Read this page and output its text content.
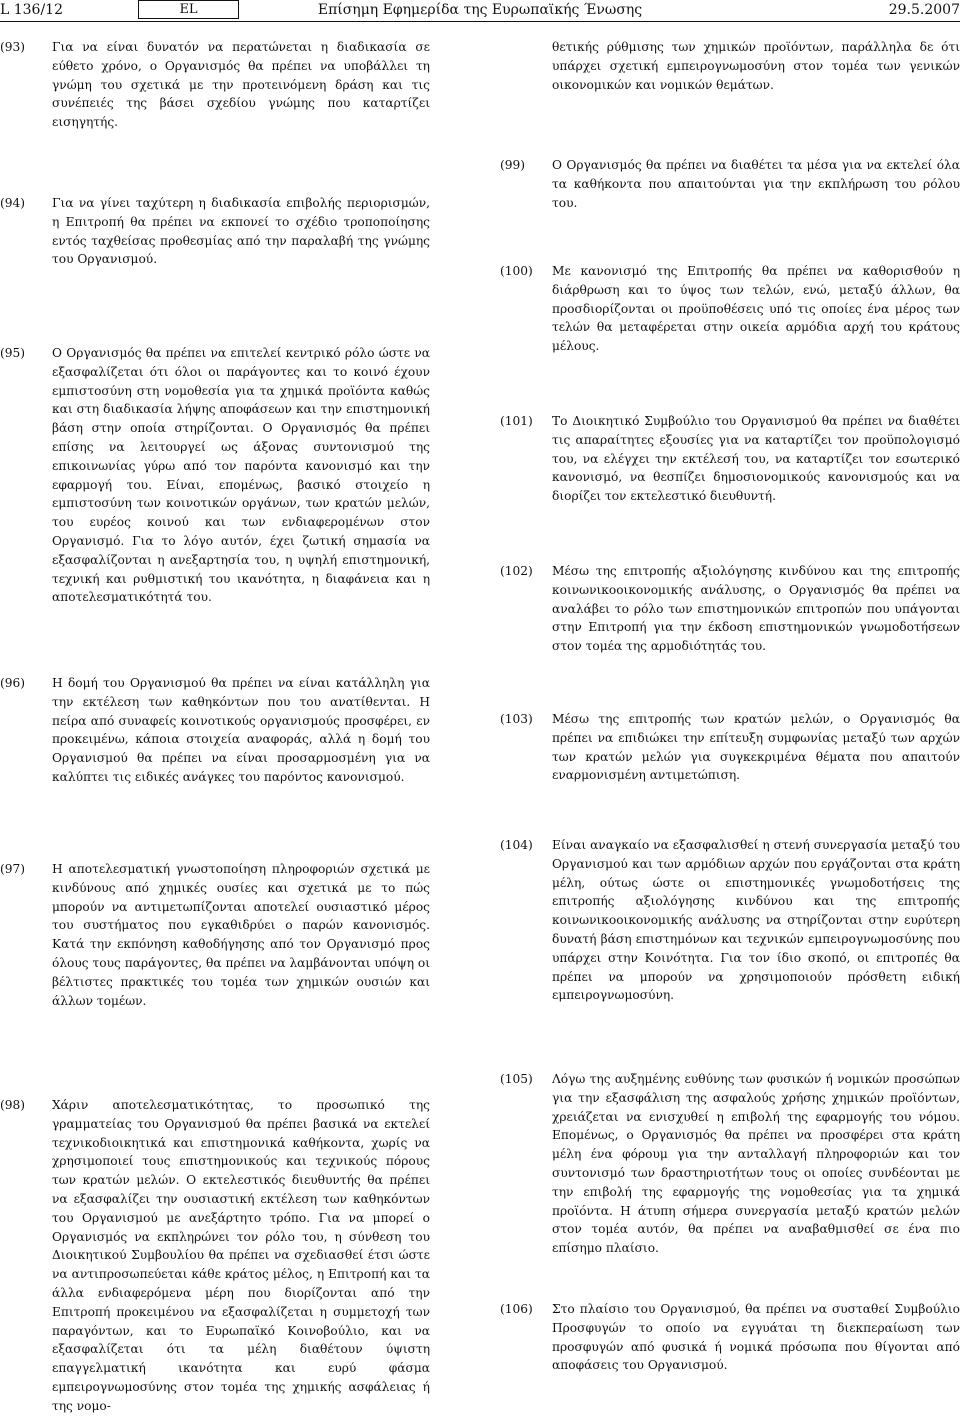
L 136/12	EL	Επίσημη Εφημερίδα της Ευρωπαϊκής Ένωσης	29.5.2007
(93) Για να είναι δυνατόν να περατώνεται η διαδικασία σε εύθετο χρόνο, ο Οργανισμός θα πρέπει να υποβάλλει τη γνώμη του σχετικά με την προτεινόμενη δράση και τις συνέπειές της βάσει σχεδίου γνώμης που καταρτίζει εισηγητής.
(94) Για να γίνει ταχύτερη η διαδικασία επιβολής περιορισμών, η Επιτροπή θα πρέπει να εκπονεί το σχέδιο τροποποίησης εντός ταχθείσας προθεσμίας από την παραλαβή της γνώμης του Οργανισμού.
(95) Ο Οργανισμός θα πρέπει να επιτελεί κεντρικό ρόλο ώστε να εξασφαλίζεται ότι όλοι οι παράγοντες και το κοινό έχουν εμπιστοσύνη στη νομοθεσία για τα χημικά προϊόντα καθώς και στη διαδικασία λήψης αποφάσεων και την επιστημονική βάση στην οποία στηρίζονται. Ο Οργανισμός θα πρέπει επίσης να λειτουργεί ως άξονας συντονισμού της επικοινωνίας γύρω από τον παρόντα κανονισμό και την εφαρμογή του. Είναι, επομένως, βασικό στοιχείο η εμπιστοσύνη των κοινοτικών οργάνων, των κρατών μελών, του ευρέος κοινού και των ενδιαφερομένων στον Οργανισμό. Για το λόγο αυτόν, έχει ζωτική σημασία να εξασφαλίζονται η ανεξαρτησία του, η υψηλή επιστημονική, τεχνική και ρυθμιστική του ικανότητα, η διαφάνεια και η αποτελεσματικότητά του.
(96) Η δομή του Οργανισμού θα πρέπει να είναι κατάλληλη για την εκτέλεση των καθηκόντων που του ανατίθενται. Η πείρα από συναφείς κοινοτικούς οργανισμούς προσφέρει, εν προκειμένω, κάποια στοιχεία αναφοράς, αλλά η δομή του Οργανισμού θα πρέπει να είναι προσαρμοσμένη για να καλύπτει τις ειδικές ανάγκες του παρόντος κανονισμού.
(97) Η αποτελεσματική γνωστοποίηση πληροφοριών σχετικά με κινδύνους από χημικές ουσίες και σχετικά με το πώς μπορούν να αντιμετωπίζονται αποτελεί ουσιαστικό μέρος του συστήματος που εγκαθιδρύει ο παρών κανονισμός. Κατά την εκπόνηση καθοδήγησης από τον Οργανισμό προς όλους τους παράγοντες, θα πρέπει να λαμβάνονται υπόψη οι βέλτιστες πρακτικές του τομέα των χημικών ουσιών και άλλων τομέων.
(98) Χάριν αποτελεσματικότητας, το προσωπικό της γραμματείας του Οργανισμού θα πρέπει βασικά να εκτελεί τεχνικοδιοικητικά και επιστημονικά καθήκοντα, χωρίς να χρησιμοποιεί τους επιστημονικούς και τεχνικούς πόρους των κρατών μελών. Ο εκτελεστικός διευθυντής θα πρέπει να εξασφαλίζει την ουσιαστική εκτέλεση των καθηκόντων του Οργανισμού με ανεξάρτητο τρόπο. Για να μπορεί ο Οργανισμός να εκπληρώνει τον ρόλο του, η σύνθεση του Διοικητικού Συμβουλίου θα πρέπει να σχεδιασθεί έτσι ώστε να αντιπροσωπεύεται κάθε κράτος μέλος, η Επιτροπή και τα άλλα ενδιαφερόμενα μέρη που διορίζονται από την Επιτροπή προκειμένου να εξασφαλίζεται η συμμετοχή των παραγόντων, και το Ευρωπαϊκό Κοινοβούλιο, και να εξασφαλίζεται ότι τα μέλη διαθέτουν ύψιστη επαγγελματική ικανότητα και ευρύ φάσμα εμπειρογνωμοσύνης στον τομέα της χημικής ασφάλειας ή της νομο-
θετικής ρύθμισης των χημικών προϊόντων, παράλληλα δε ότι υπάρχει σχετική εμπειρογνωμοσύνη στον τομέα των γενικών οικονομικών και νομικών θεμάτων.
(99) Ο Οργανισμός θα πρέπει να διαθέτει τα μέσα για να εκτελεί όλα τα καθήκοντα που απαιτούνται για την εκπλήρωση του ρόλου του.
(100) Με κανονισμό της Επιτροπής θα πρέπει να καθορισθούν η διάρθρωση και το ύψος των τελών, ενώ, μεταξύ άλλων, θα προσδιορίζονται οι προϋποθέσεις υπό τις οποίες ένα μέρος των τελών θα μεταφέρεται στην οικεία αρμόδια αρχή του κράτους μέλους.
(101) Το Διοικητικό Συμβούλιο του Οργανισμού θα πρέπει να διαθέτει τις απαραίτητες εξουσίες για να καταρτίζει τον προϋπολογισμό του, να ελέγχει την εκτέλεσή του, να καταρτίζει τον εσωτερικό κανονισμό, να θεσπίζει δημοσιονομικούς κανονισμούς και να διορίζει τον εκτελεστικό διευθυντή.
(102) Μέσω της επιτροπής αξιολόγησης κινδύνου και της επιτροπής κοινωνικοοικονομικής ανάλυσης, ο Οργανισμός θα πρέπει να αναλάβει το ρόλο των επιστημονικών επιτροπών που υπάγονται στην Επιτροπή για την έκδοση επιστημονικών γνωμοδοτήσεων στον τομέα της αρμοδιότητάς του.
(103) Μέσω της επιτροπής των κρατών μελών, ο Οργανισμός θα πρέπει να επιδιώκει την επίτευξη συμφωνίας μεταξύ των αρχών των κρατών μελών για συγκεκριμένα θέματα που απαιτούν εναρμονισμένη αντιμετώπιση.
(104) Είναι αναγκαίο να εξασφαλισθεί η στενή συνεργασία μεταξύ του Οργανισμού και των αρμόδιων αρχών που εργάζονται στα κράτη μέλη, ούτως ώστε οι επιστημονικές γνωμοδοτήσεις της επιτροπής αξιολόγησης κινδύνου και της επιτροπής κοινωνικοοικονομικής ανάλυσης να στηρίζονται στην ευρύτερη δυνατή βάση επιστημόνων και τεχνικών εμπειρογνωμοσύνης που υπάρχει στην Κοινότητα. Για τον ίδιο σκοπό, οι επιτροπές θα πρέπει να μπορούν να χρησιμοποιούν πρόσθετη ειδική εμπειρογνωμοσύνη.
(105) Λόγω της αυξημένης ευθύνης των φυσικών ή νομικών προσώπων για την εξασφάλιση της ασφαλούς χρήσης χημικών προϊόντων, χρειάζεται να ενισχυθεί η επιβολή της εφαρμογής του νόμου. Επομένως, ο Οργανισμός θα πρέπει να προσφέρει στα κράτη μέλη ένα φόρουμ για την ανταλλαγή πληροφοριών και τον συντονισμό των δραστηριοτήτων τους οι οποίες συνδέονται με την επιβολή της εφαρμογής της νομοθεσίας για τα χημικά προϊόντα. Η άτυπη σήμερα συνεργασία μεταξύ κρατών μελών στον τομέα αυτόν, θα πρέπει να αναβαθμισθεί σε ένα πιο επίσημο πλαίσιο.
(106) Στο πλαίσιο του Οργανισμού, θα πρέπει να συσταθεί Συμβούλιο Προσφυγών το οποίο να εγγυάται τη διεκπεραίωση των προσφυγών από φυσικά ή νομικά πρόσωπα που θίγονται από αποφάσεις του Οργανισμού.
